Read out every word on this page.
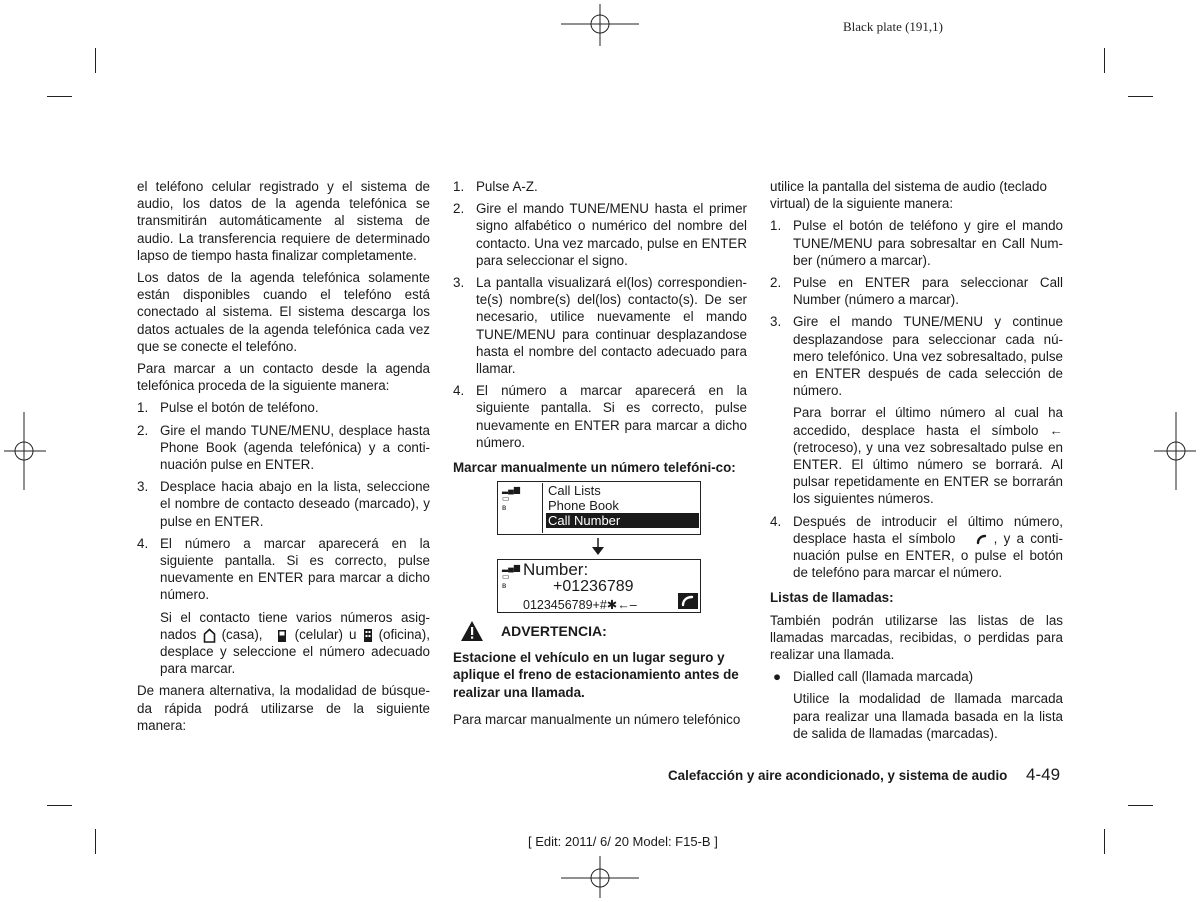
Black plate (191,1)

el teléfono celular registrado y el sistema de audio, los datos de la agenda telefónica se transmitirán automáticamente al sistema de audio. La transferencia requiere de determinado lapso de tiempo hasta finalizar completamente.

Los datos de la agenda telefónica solamente están disponibles cuando el telefóno está conectado al sistema. El sistema descarga los datos actuales de la agenda telefónica cada vez que se conecte el telefóno.

Para marcar a un contacto desde la agenda telefónica proceda de la siguiente manera:

1. Pulse el botón de teléfono.
2. Gire el mando TUNE/MENU, desplace hasta Phone Book (agenda telefónica) y a conti-nuación pulse en ENTER.
3. Desplace hacia abajo en la lista, seleccione el nombre de contacto deseado (marcado), y pulse en ENTER.
4. El número a marcar aparecerá en la siguiente pantalla. Si es correcto, pulse nuevamente en ENTER para marcar a dicho número.
Si el contacto tiene varios números asig-nados (casa), (celular) u (oficina), desplace y seleccione el número adecuado para marcar.

De manera alternativa, la modalidad de búsque-da rápida podrá utilizarse de la siguiente manera:

1. Pulse A-Z.
2. Gire el mando TUNE/MENU hasta el primer signo alfabético o numérico del nombre del contacto. Una vez marcado, pulse en ENTER para seleccionar el signo.
3. La pantalla visualizará el(los) correspondien-te(s) nombre(s) del(los) contacto(s). De ser necesario, utilice nuevamente el mando TUNE/MENU para continuar desplazandose hasta el nombre del contacto adecuado para llamar.
4. El número a marcar aparecerá en la siguiente pantalla. Si es correcto, pulse nuevamente en ENTER para marcar a dicho número.
Marcar manualmente un número telefóni-co:
▂▄▆
▭
ʙ
Call Lists
Phone Book
Call Number
▂▄▆
▭
ʙ
Number:
+01236789
0123456789+#✱←–
ADVERTENCIA:

Estacione el vehículo en un lugar seguro y aplique el freno de estacionamiento antes de realizar una llamada.

Para marcar manualmente un número telefónico

utilice la pantalla del sistema de audio (teclado virtual) de la siguiente manera:

1. Pulse el botón de teléfono y gire el mando TUNE/MENU para sobresaltar en Call Num-ber (número a marcar).
2. Pulse en ENTER para seleccionar Call Number (número a marcar).
3. Gire el mando TUNE/MENU y continue desplazandose para seleccionar cada nú-mero telefónico. Una vez sobresaltado, pulse en ENTER después de cada selección de número.
Para borrar el último número al cual ha accedido, desplace hasta el símbolo ← (retroceso), y una vez sobresaltado pulse en ENTER. El último número se borrará. Al pulsar repetidamente en ENTER se borrarán los siguientes números.
4. Después de introducir el último número, desplace hasta el símbolo	, y a conti-nuación pulse en ENTER, o pulse el botón de telefóno para marcar el número.
Listas de llamadas:

También podrán utilizarse las listas de las llamadas marcadas, recibidas, o perdidas para realizar una llamada.

● Dialled call (llamada marcada)
Utilice la modalidad de llamada marcada para realizar una llamada basada en la lista de salida de llamadas (marcadas).
Calefacción y aire acondicionado, y sistema de audio 4-49
[ Edit: 2011/ 6/ 20 Model: F15-B ]
